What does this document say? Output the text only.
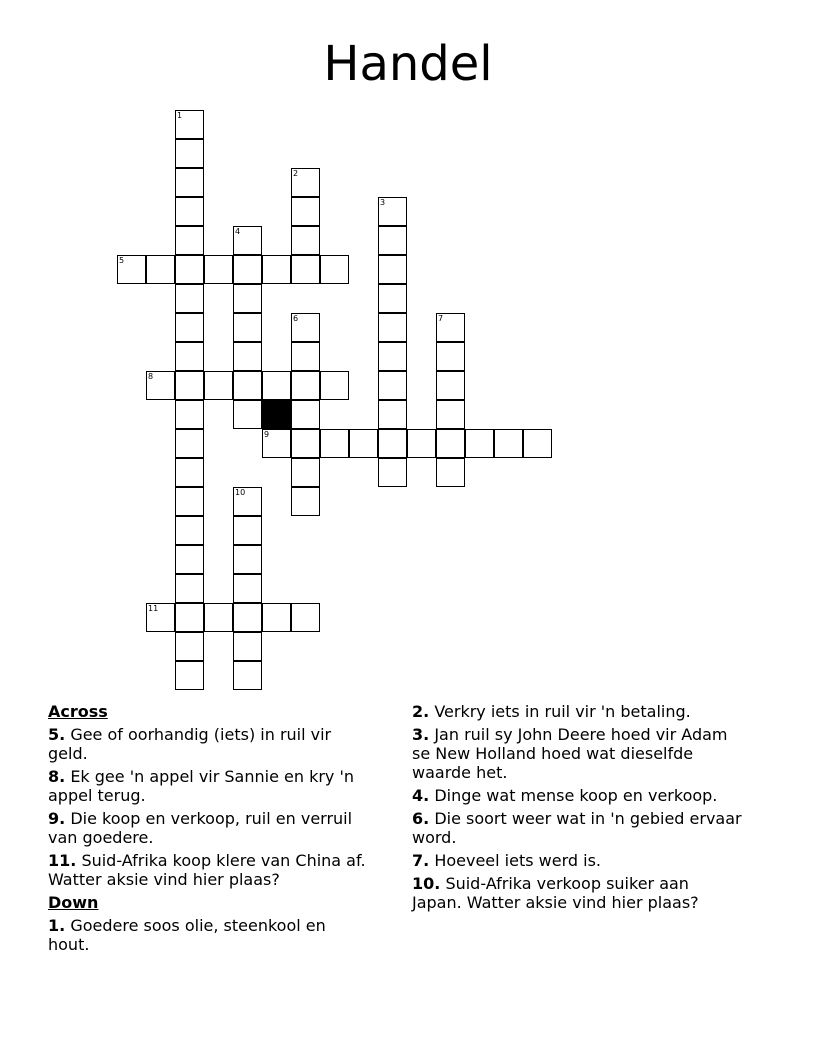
Handel
1
2
3
4
5
6	7
8
9
10
11
Across
5. Gee of oorhandig (iets) in ruil vir geld.
8. Ek gee 'n appel vir Sannie en kry 'n appel terug.
9. Die koop en verkoop, ruil en verruil van goedere.
11. Suid-Afrika koop klere van China af. Watter aksie vind hier plaas?
Down
1. Goedere soos olie, steenkool en hout.
2. Verkry iets in ruil vir 'n betaling.
3. Jan ruil sy John Deere hoed vir Adam se New Holland hoed wat dieselfde waarde het.
4. Dinge wat mense koop en verkoop.
6. Die soort weer wat in 'n gebied ervaar word.
7. Hoeveel iets werd is.
10. Suid-Afrika verkoop suiker aan Japan. Watter aksie vind hier plaas?
